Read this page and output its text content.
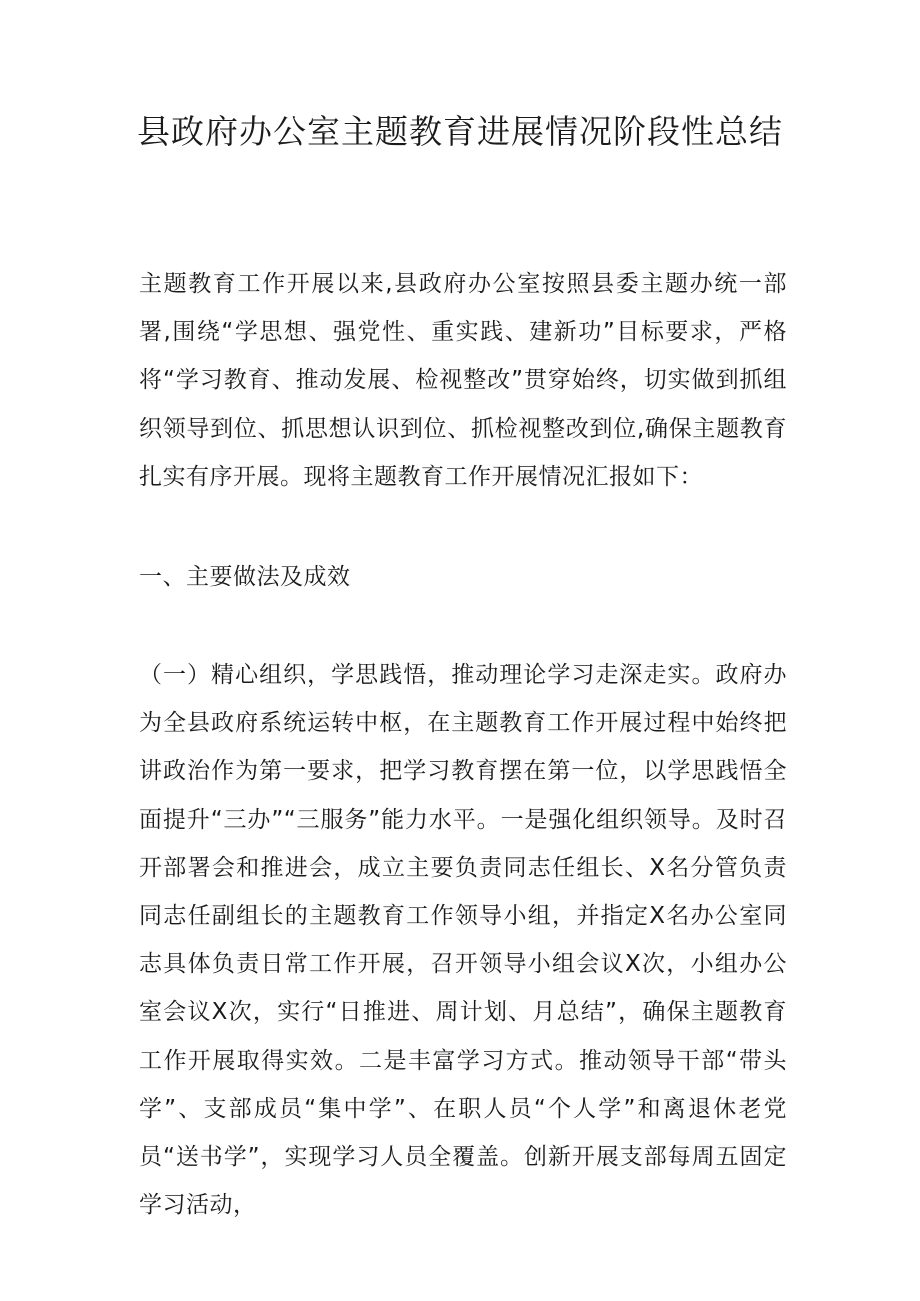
县政府办公室主题教育进展情况阶段性总结

主题教育工作开展以来,县政府办公室按照县委主题办统一部署,围绕“学思想、强党性、重实践、建新功”目标要求，严格将“学习教育、推动发展、检视整改”贯穿始终，切实做到抓组织领导到位、抓思想认识到位、抓检视整改到位,确保主题教育扎实有序开展。现将主题教育工作开展情况汇报如下：

一、主要做法及成效

（一）精心组织，学思践悟，推动理论学习走深走实。政府办为全县政府系统运转中枢，在主题教育工作开展过程中始终把讲政治作为第一要求，把学习教育摆在第一位，以学思践悟全面提升“三办”“三服务”能力水平。一是强化组织领导。及时召开部署会和推进会，成立主要负责同志任组长、X名分管负责同志任副组长的主题教育工作领导小组，并指定X名办公室同志具体负责日常工作开展，召开领导小组会议X次，小组办公室会议X次，实行“日推进、周计划、月总结”，确保主题教育工作开展取得实效。二是丰富学习方式。推动领导干部“带头学”、支部成员“集中学”、在职人员“个人学”和离退休老党员“送书学”，实现学习人员全覆盖。创新开展支部每周五固定学习活动，
